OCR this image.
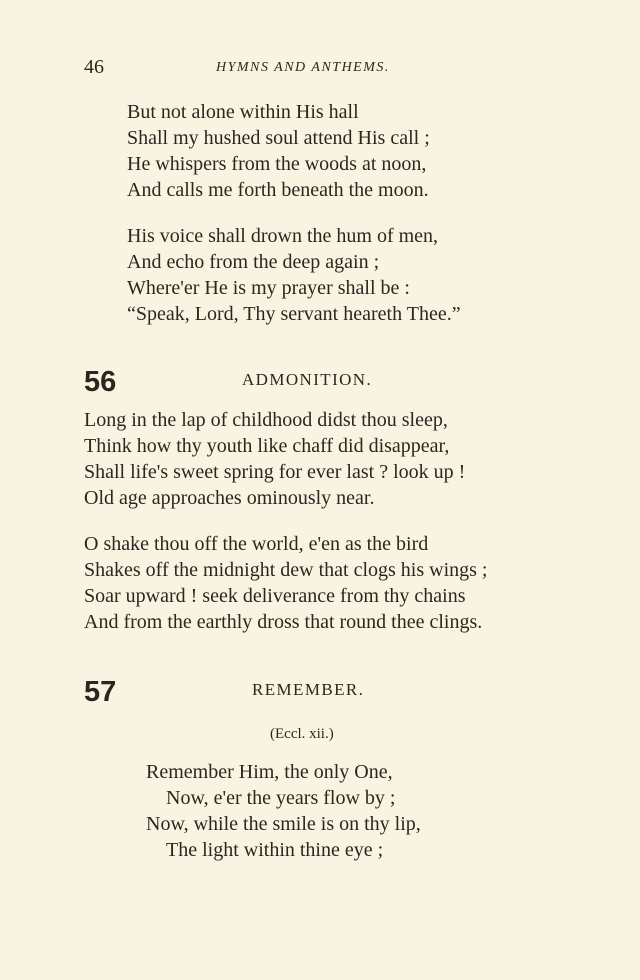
46	HYMNS AND ANTHEMS.
But not alone within His hall
Shall my hushed soul attend His call ;
He whispers from the woods at noon,
And calls me forth beneath the moon.
His voice shall drown the hum of men,
And echo from the deep again ;
Where'er He is my prayer shall be :
“Speak, Lord, Thy servant heareth Thee.”
56	ADMONITION.
Long in the lap of childhood didst thou sleep,
Think how thy youth like chaff did disappear,
Shall life's sweet spring for ever last ? look up !
Old age approaches ominously near.
O shake thou off the world, e'en as the bird
Shakes off the midnight dew that clogs his wings ;
Soar upward ! seek deliverance from thy chains
And from the earthly dross that round thee clings.
57	REMEMBER.
(Eccl. xii.)
Remember Him, the only One,
Now, e'er the years flow by ;
Now, while the smile is on thy lip,
The light within thine eye ;
